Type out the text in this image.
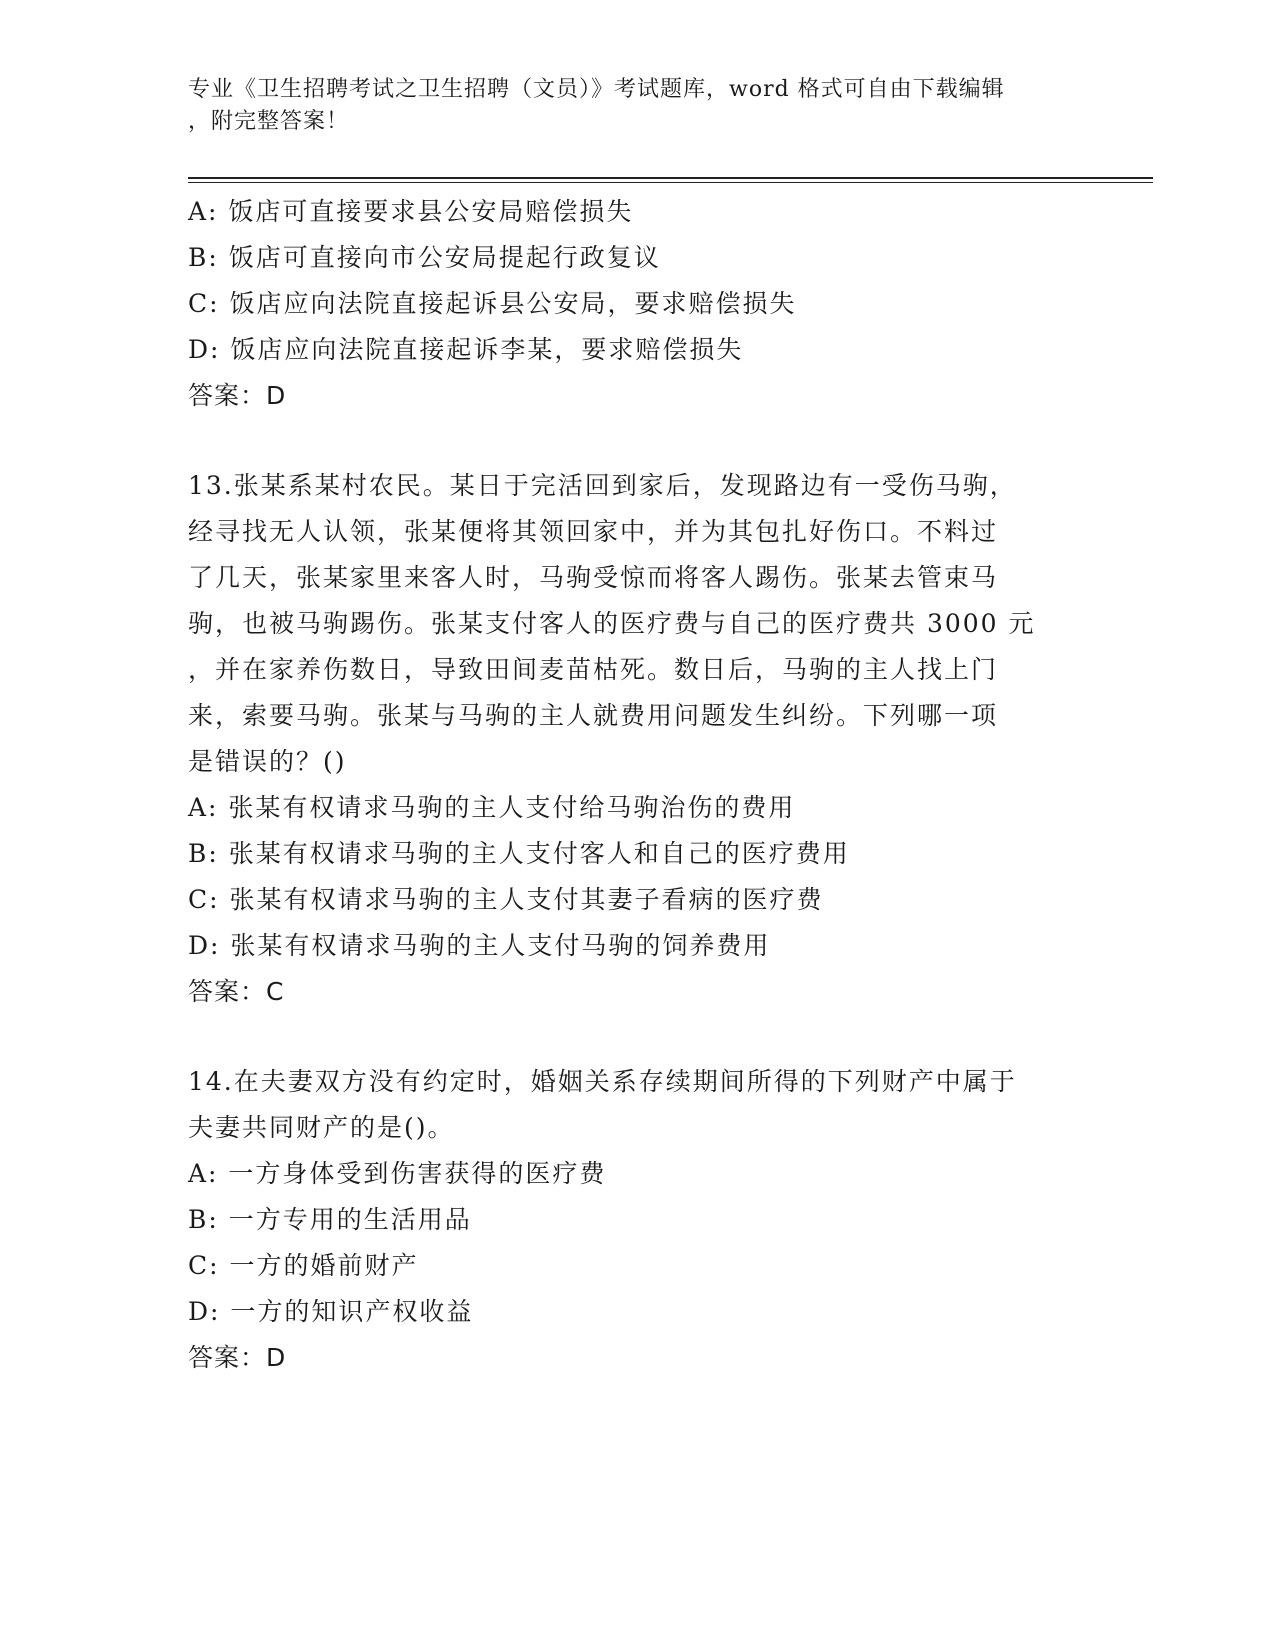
专业《卫生招聘考试之卫生招聘（文员）》考试题库，word 格式可自由下载编辑
，附完整答案！
A: 饭店可直接要求县公安局赔偿损失
B: 饭店可直接向市公安局提起行政复议
C: 饭店应向法院直接起诉县公安局，要求赔偿损失
D: 饭店应向法院直接起诉李某，要求赔偿损失
答案：D
13.张某系某村农民。某日于完活回到家后，发现路边有一受伤马驹，
经寻找无人认领，张某便将其领回家中，并为其包扎好伤口。不料过
了几天，张某家里来客人时，马驹受惊而将客人踢伤。张某去管束马
驹，也被马驹踢伤。张某支付客人的医疗费与自己的医疗费共 3000 元
，并在家养伤数日，导致田间麦苗枯死。数日后，马驹的主人找上门
来，索要马驹。张某与马驹的主人就费用问题发生纠纷。下列哪一项
是错误的？()
A: 张某有权请求马驹的主人支付给马驹治伤的费用
B: 张某有权请求马驹的主人支付客人和自己的医疗费用
C: 张某有权请求马驹的主人支付其妻子看病的医疗费
D: 张某有权请求马驹的主人支付马驹的饲养费用
答案：C
14.在夫妻双方没有约定时，婚姻关系存续期间所得的下列财产中属于
夫妻共同财产的是()。
A: 一方身体受到伤害获得的医疗费
B: 一方专用的生活用品
C: 一方的婚前财产
D: 一方的知识产权收益
答案：D
